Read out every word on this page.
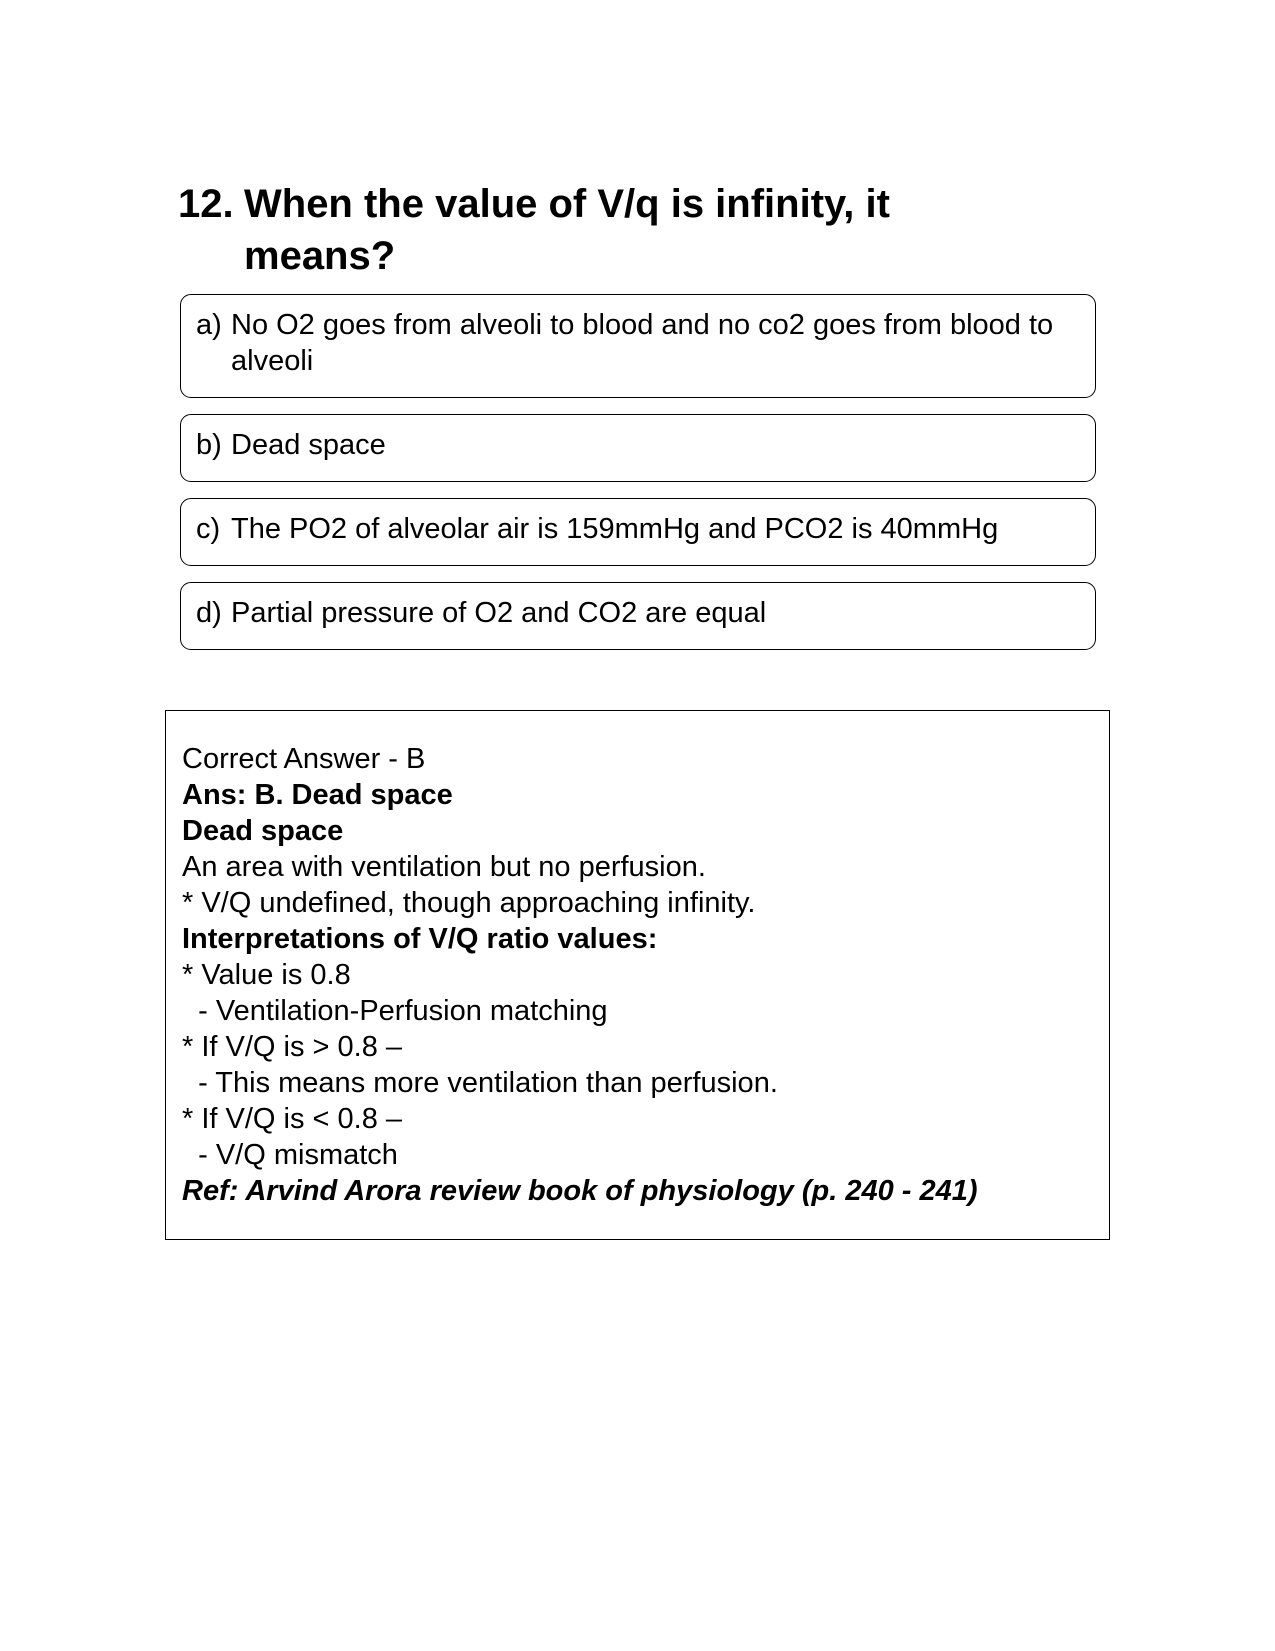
12. When the value of V/q is infinity, it means?
a) No O2 goes from alveoli to blood and no co2 goes from blood to alveoli
b) Dead space
c) The PO2 of alveolar air is 159mmHg and PCO2 is 40mmHg
d) Partial pressure of O2 and CO2 are equal
Correct Answer - B
Ans: B. Dead space
Dead space
An area with ventilation but no perfusion.
* V/Q undefined, though approaching infinity.
Interpretations of V/Q ratio values:
* Value is 0.8
- Ventilation-Perfusion matching
* If V/Q is > 0.8 –
- This means more ventilation than perfusion.
* If V/Q is < 0.8 –
- V/Q mismatch
Ref: Arvind Arora review book of physiology (p. 240 - 241)
